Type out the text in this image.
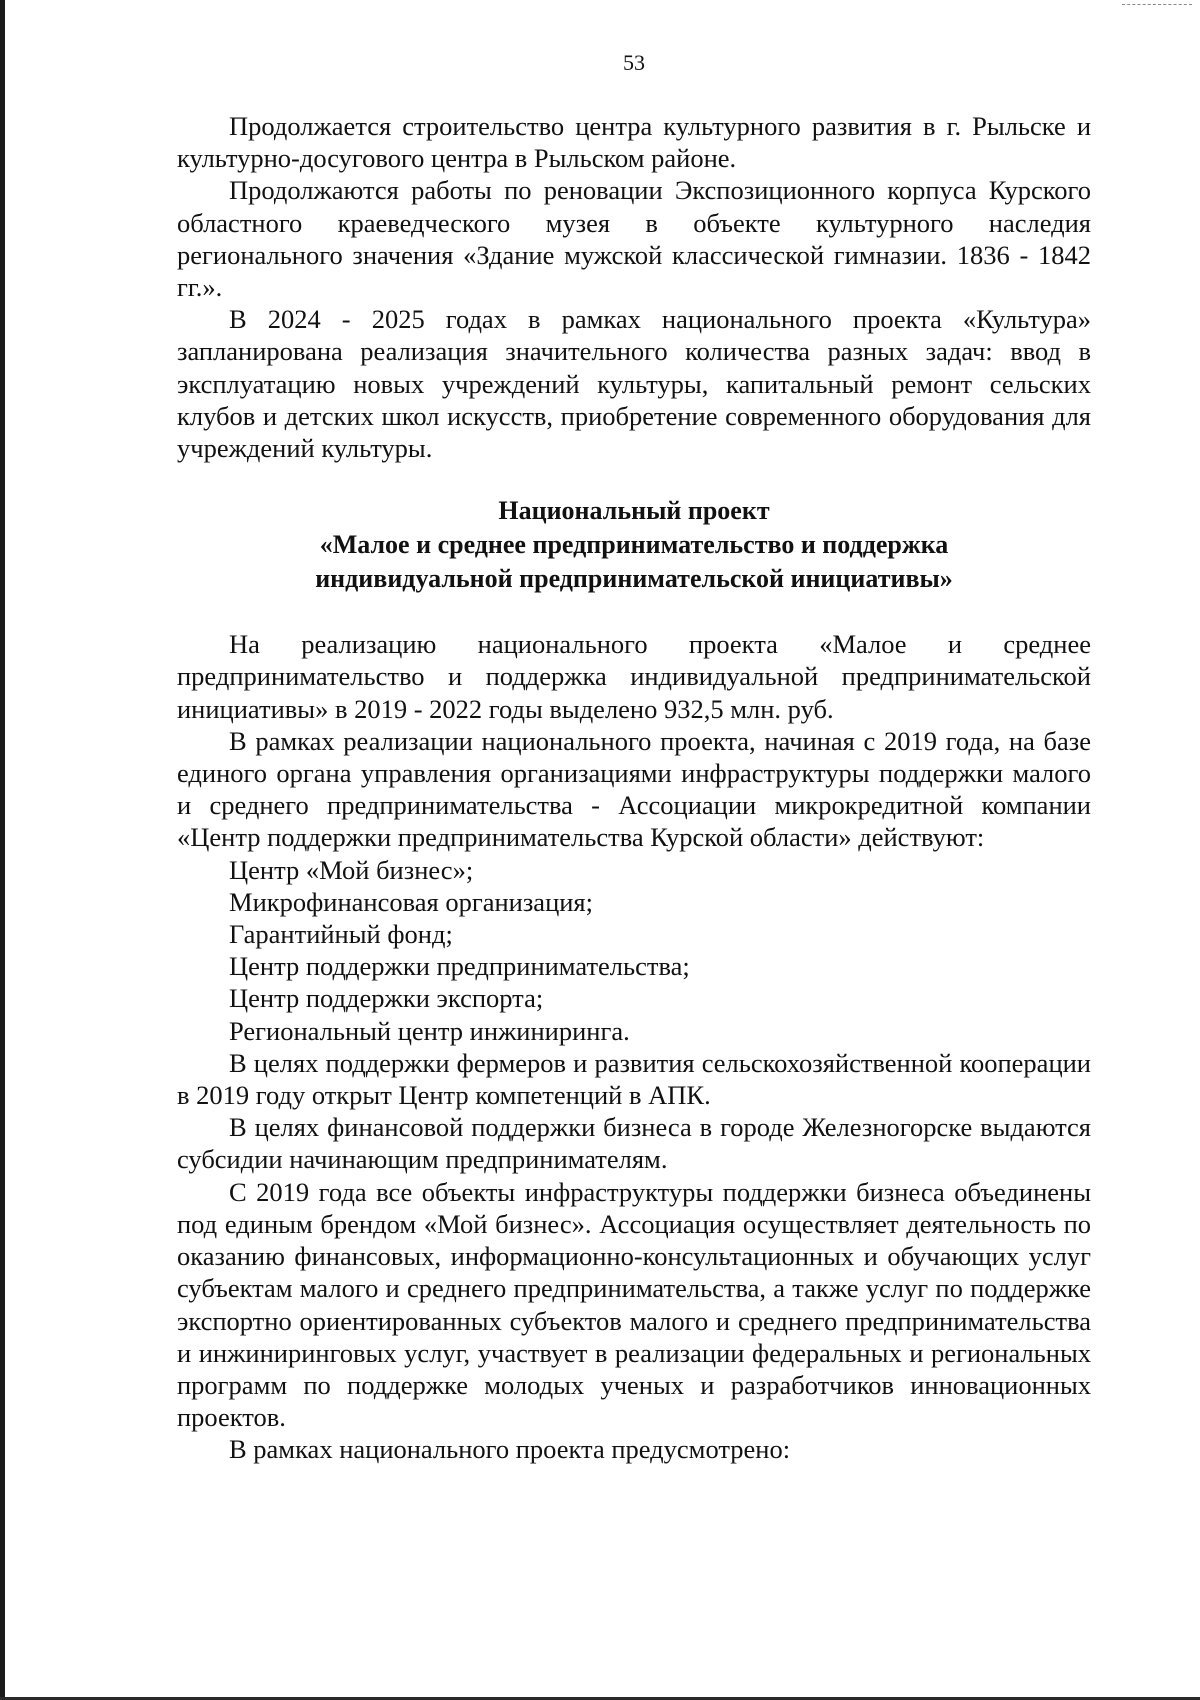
53

Продолжается строительство центра культурного развития в г. Рыльске и культурно-досугового центра в Рыльском районе.

Продолжаются работы по реновации Экспозиционного корпуса Курского областного краеведческого музея в объекте культурного наследия регионального значения «Здание мужской классической гимназии. 1836 - 1842 гг.».

В 2024 - 2025 годах в рамках национального проекта «Культура» запланирована реализация значительного количества разных задач: ввод в эксплуатацию новых учреждений культуры, капитальный ремонт сельских клубов и детских школ искусств, приобретение современного оборудования для учреждений культуры.

Национальный проект
«Малое и среднее предпринимательство и поддержка
индивидуальной предпринимательской инициативы»

На реализацию национального проекта «Малое и среднее предпринимательство и поддержка индивидуальной предпринимательской инициативы» в 2019 - 2022 годы выделено 932,5 млн. руб.

В рамках реализации национального проекта, начиная с 2019 года, на базе единого органа управления организациями инфраструктуры поддержки малого и среднего предпринимательства - Ассоциации микрокредитной компании «Центр поддержки предпринимательства Курской области» действуют:

Центр «Мой бизнес»;

Микрофинансовая организация;

Гарантийный фонд;

Центр поддержки предпринимательства;

Центр поддержки экспорта;

Региональный центр инжиниринга.

В целях поддержки фермеров и развития сельскохозяйственной кооперации в 2019 году открыт Центр компетенций в АПК.

В целях финансовой поддержки бизнеса в городе Железногорске выдаются субсидии начинающим предпринимателям.

С 2019 года все объекты инфраструктуры поддержки бизнеса объединены под единым брендом «Мой бизнес». Ассоциация осуществляет деятельность по оказанию финансовых, информационно-консультационных и обучающих услуг субъектам малого и среднего предпринимательства, а также услуг по поддержке экспортно ориентированных субъектов малого и среднего предпринимательства и инжиниринговых услуг, участвует в реализации федеральных и региональных программ по поддержке молодых ученых и разработчиков инновационных проектов.

В рамках национального проекта предусмотрено:
